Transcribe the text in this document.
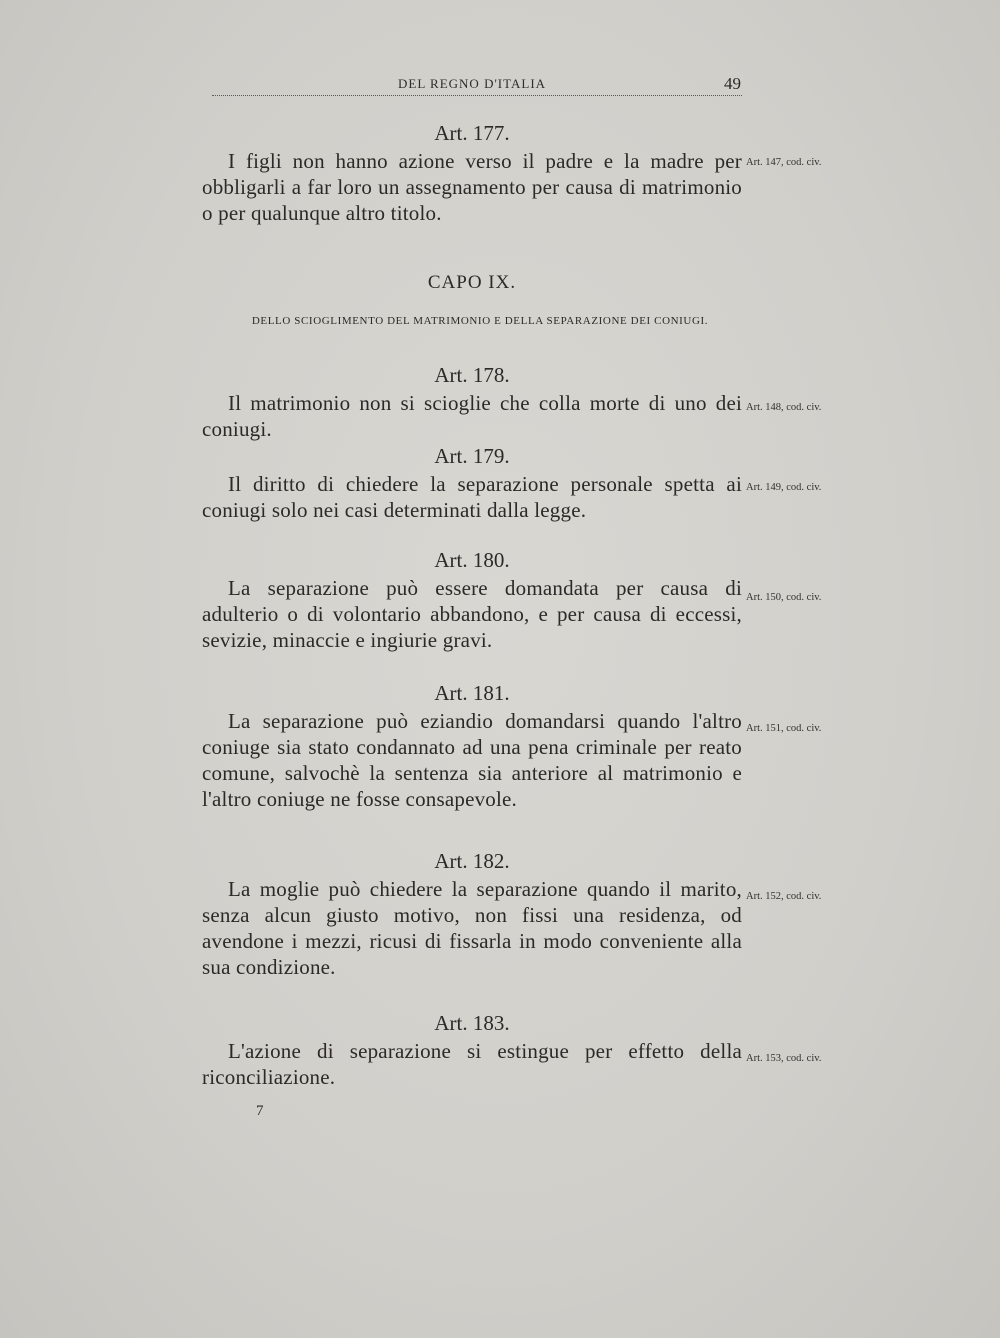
DEL REGNO D'ITALIA	49

Art. 177.

I figli non hanno azione verso il padre e la madre per obbligarli a far loro un assegnamento per causa di matrimonio o per qualunque altro titolo.

Art. 147, cod. civ.
CAPO IX.
DELLO SCIOGLIMENTO DEL MATRIMONIO E DELLA SEPARAZIONE DEI CONIUGI.

Art. 178.

Il matrimonio non si scioglie che colla morte di uno dei coniugi.

Art. 148, cod. civ.

Art. 179.

Il diritto di chiedere la separazione personale spetta ai coniugi solo nei casi determinati dalla legge.

Art. 149, cod. civ.

Art. 180.

La separazione può essere domandata per causa di adulterio o di volontario abbandono, e per causa di eccessi, sevizie, minaccie e ingiurie gravi.

Art. 150, cod. civ.

Art. 181.

La separazione può eziandio domandarsi quando l'altro coniuge sia stato condannato ad una pena criminale per reato comune, salvochè la sentenza sia anteriore al matrimonio e l'altro coniuge ne fosse consapevole.

Art. 151, cod. civ.

Art. 182.

La moglie può chiedere la separazione quando il marito, senza alcun giusto motivo, non fissi una residenza, od avendone i mezzi, ricusi di fissarla in modo conveniente alla sua condizione.

Art. 152, cod. civ.

Art. 183.

L'azione di separazione si estingue per effetto della riconciliazione.

Art. 153, cod. civ.
7
